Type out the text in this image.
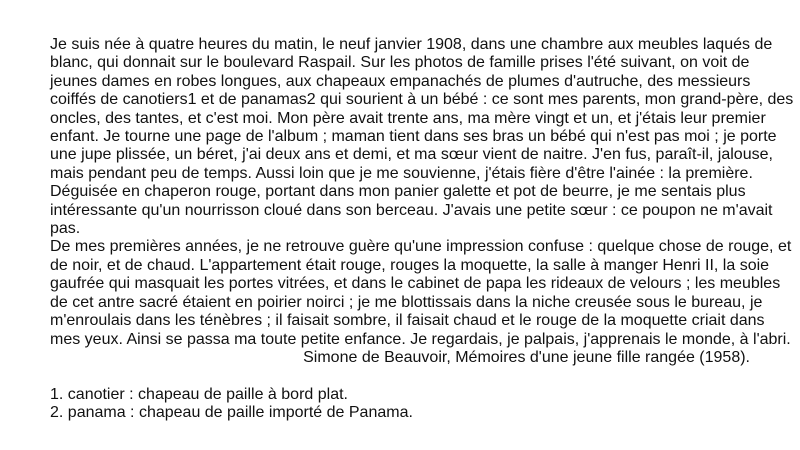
Je suis née à quatre heures du matin, le neuf janvier 1908, dans une chambre aux meubles laqués de
blanc, qui donnait sur le boulevard Raspail. Sur les photos de famille prises l'été suivant, on voit de
jeunes dames en robes longues, aux chapeaux empanachés de plumes d'autruche, des messieurs
coiffés de canotiers1 et de panamas2 qui sourient à un bébé : ce sont mes parents, mon grand-père, des
oncles, des tantes, et c'est moi. Mon père avait trente ans, ma mère vingt et un, et j'étais leur premier
enfant. Je tourne une page de l'album ; maman tient dans ses bras un bébé qui n'est pas moi ; je porte
une jupe plissée, un béret, j'ai deux ans et demi, et ma sœur vient de naitre. J'en fus, paraît-il, jalouse,
mais pendant peu de temps. Aussi loin que je me souvienne, j'étais fière d'être l'ainée : la première.
Déguisée en chaperon rouge, portant dans mon panier galette et pot de beurre, je me sentais plus
intéressante qu'un nourrisson cloué dans son berceau. J'avais une petite sœur : ce poupon ne m'avait
pas.
De mes premières années, je ne retrouve guère qu'une impression confuse : quelque chose de rouge, et
de noir, et de chaud. L'appartement était rouge, rouges la moquette, la salle à manger Henri II, la soie
gaufrée qui masquait les portes vitrées, et dans le cabinet de papa les rideaux de velours ; les meubles
de cet antre sacré étaient en poirier noirci ; je me blottissais dans la niche creusée sous le bureau, je
m'enroulais dans les ténèbres ; il faisait sombre, il faisait chaud et le rouge de la moquette criait dans
mes yeux. Ainsi se passa ma toute petite enfance. Je regardais, je palpais, j'apprenais le monde, à l'abri.
Simone de Beauvoir, Mémoires d'une jeune fille rangée (1958).
1. canotier : chapeau de paille à bord plat.
2. panama : chapeau de paille importé de Panama.
